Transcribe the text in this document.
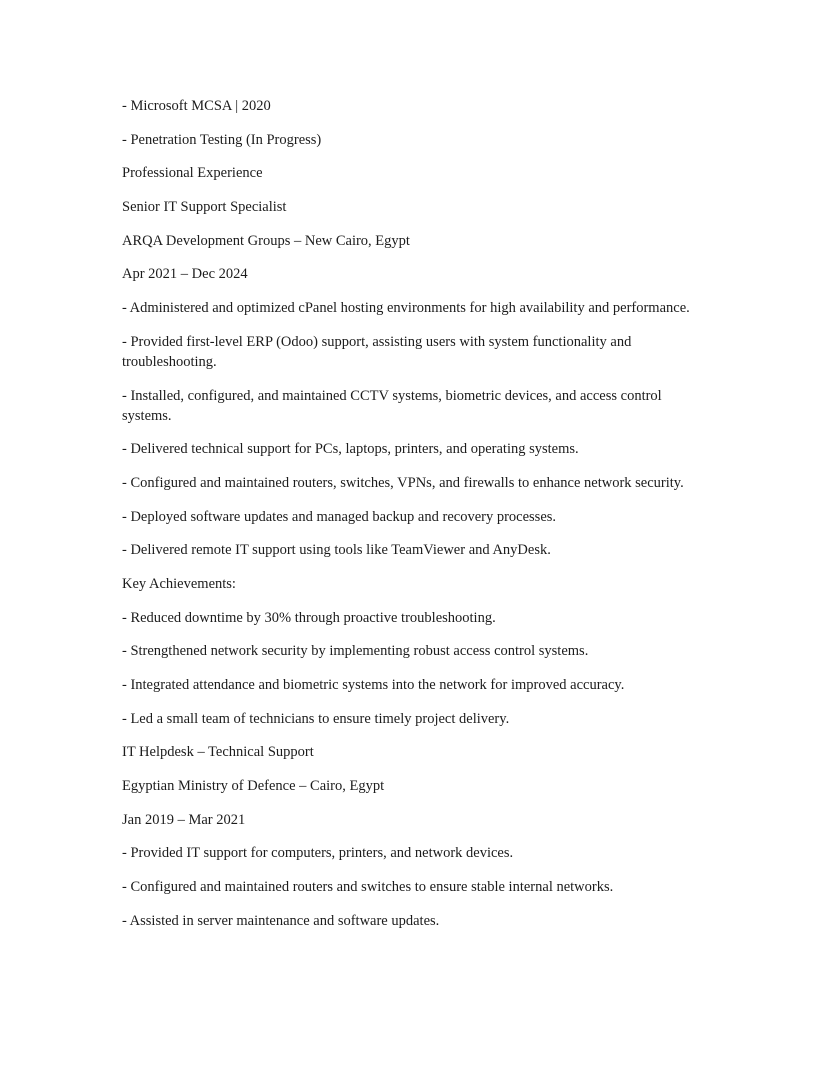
- Microsoft MCSA | 2020

- Penetration Testing (In Progress)

Professional Experience

Senior IT Support Specialist

ARQA Development Groups – New Cairo, Egypt

Apr 2021 – Dec 2024

- Administered and optimized cPanel hosting environments for high availability and performance.

- Provided first-level ERP (Odoo) support, assisting users with system functionality and troubleshooting.

- Installed, configured, and maintained CCTV systems, biometric devices, and access control systems.

- Delivered technical support for PCs, laptops, printers, and operating systems.

- Configured and maintained routers, switches, VPNs, and firewalls to enhance network security.

- Deployed software updates and managed backup and recovery processes.

- Delivered remote IT support using tools like TeamViewer and AnyDesk.

Key Achievements:

- Reduced downtime by 30% through proactive troubleshooting.

- Strengthened network security by implementing robust access control systems.

- Integrated attendance and biometric systems into the network for improved accuracy.

- Led a small team of technicians to ensure timely project delivery.

IT Helpdesk – Technical Support

Egyptian Ministry of Defence – Cairo, Egypt

Jan 2019 – Mar 2021

- Provided IT support for computers, printers, and network devices.

- Configured and maintained routers and switches to ensure stable internal networks.

- Assisted in server maintenance and software updates.
